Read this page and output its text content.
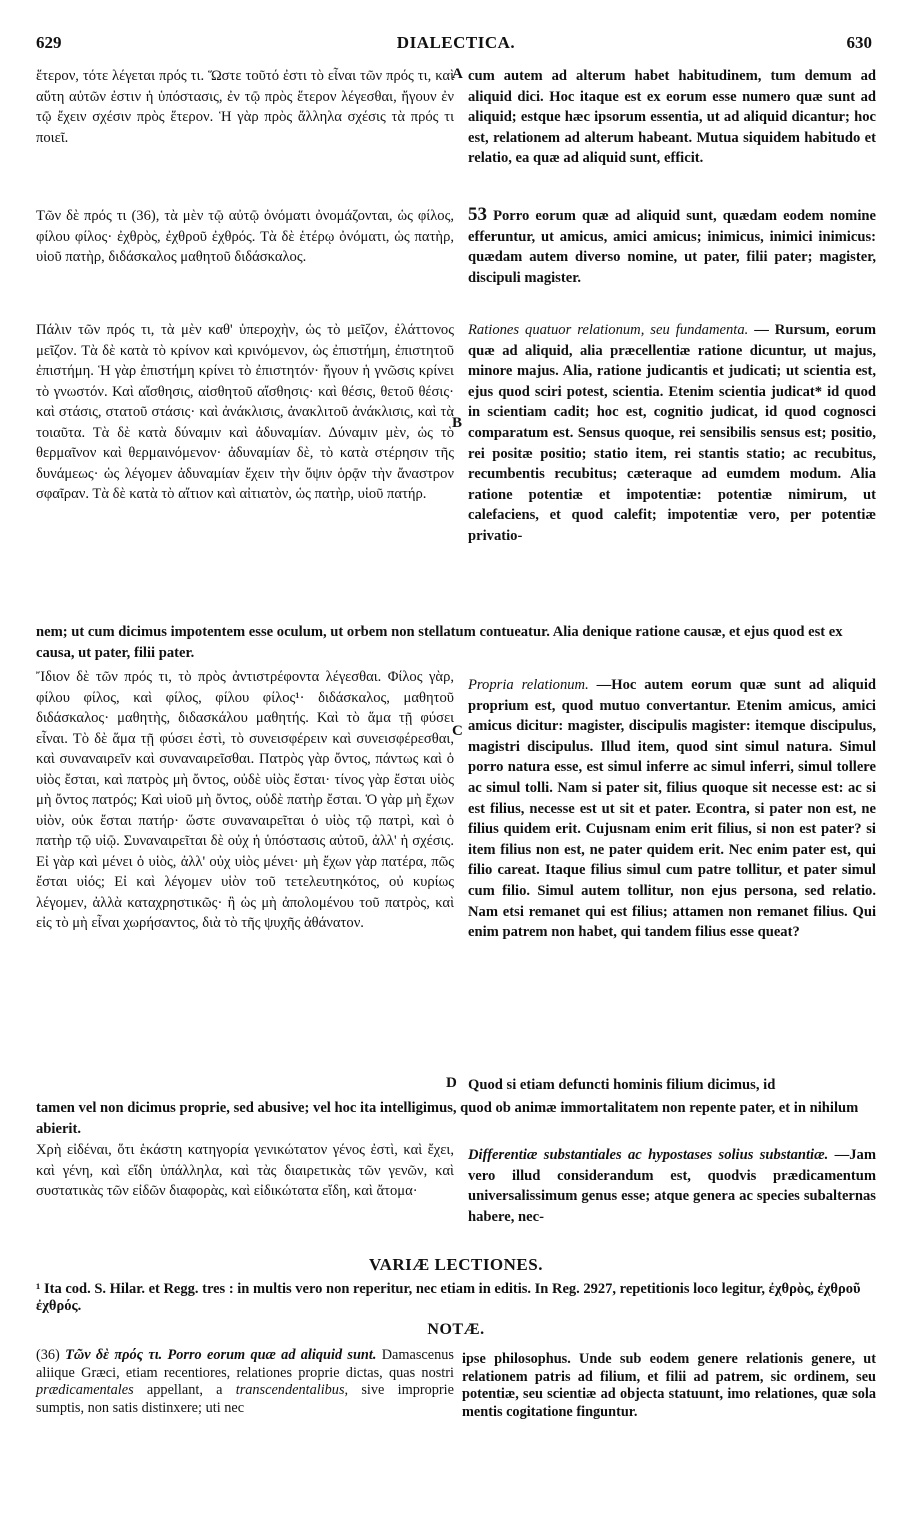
629	DIALECTICA.	630
ἕτερον, τότε λέγεται πρός τι. Ὥστε τοῦτό ἐστι τὸ εἶναι τῶν πρός τι, καὶ αὕτη αὐτῶν ἐστιν ἡ ὑπόστασις, ἐν τῷ πρὸς ἕτερον λέγεσθαι, ἤγουν ἐν τῷ ἔχειν σχέσιν πρὸς ἕτερον. Ἡ γὰρ πρὸς ἄλληλα σχέσις τὰ πρός τι ποιεῖ.
Τῶν δὲ πρός τι (36), τὰ μὲν τῷ αὐτῷ ὀνόματι ὀνομάζονται, ὡς φίλος, φίλου φίλος· ἐχθρὸς, ἐχθροῦ ἐχθρός. Τὰ δὲ ἑτέρῳ ὀνόματι, ὡς πατὴρ, υἱοῦ πατὴρ, διδάσκαλος μαθητοῦ διδάσκαλος.
Πάλιν τῶν πρός τι, τὰ μὲν καθ' ὑπεροχὴν, ὡς τὸ μεῖζον, ἐλάττονος μεῖζον. Τὰ δὲ κατὰ τὸ κρίνον καὶ κρινόμενον, ὡς ἐπιστήμη, ἐπιστητοῦ ἐπιστήμη. Ἡ γὰρ ἐπιστήμη κρίνει τὸ ἐπιστητόν· ἤγουν ἡ γνῶσις κρίνει τὸ γνωστόν. Καὶ αἴσθησις, αἰσθητοῦ αἴσθησις· καὶ θέσις, θετοῦ θέσις· καὶ στάσις, στατοῦ στάσις· καὶ ἀνάκλισις, ἀνακλιτοῦ ἀνάκλισις, καὶ τὰ τοιαῦτα. Τὰ δὲ κατὰ δύναμιν καὶ ἀδυναμίαν. Δύναμιν μὲν, ὡς τὸ θερμαῖνον καὶ θερμαινόμενον· ἀδυναμίαν δὲ, τὸ κατὰ στέρησιν τῆς δυνάμεως· ὡς λέγομεν ἀδυναμίαν ἔχειν τὴν ὄψιν ὁρᾷν τὴν ἄναστρον σφαῖραν. Τὰ δὲ κατὰ τὸ αἴτιον καὶ αἰτιατὸν, ὡς πατὴρ, υἱοῦ πατήρ.
cum autem ad alterum habet habitudinem, tum demum ad aliquid dici. Hoc itaque est ex eorum esse numero quæ sunt ad aliquid; estque hæc ipsorum essentia, ut ad aliquid dicantur; hoc est, relationem ad alterum habeant. Mutua siquidem habitudo et relatio, ea quæ ad aliquid sunt, efficit.
53 Porro eorum quæ ad aliquid sunt, quædam eodem nomine efferuntur, ut amicus, amici amicus; inimicus, inimici inimicus: quædam autem diverso nomine, ut pater, filii pater; magister, discipuli magister.
Rationes quatuor relationum, seu fundamenta. — Rursum, eorum quæ ad aliquid, alia præcellentiæ ratione dicuntur, ut majus, minore majus. Alia, ratione judicantis et judicati; ut scientia est, ejus quod sciri potest, scientia. Etenim scientia judicat* id quod in scientiam cadit; hoc est, cognitio judicat, id quod cognosci comparatum est. Sensus quoque, rei sensibilis sensus est; positio, rei positæ positio; statio item, rei stantis statio; ac recubitus, recumbentis recubitus; cæteraque ad eumdem modum. Alia ratione potentiæ et impotentiæ: potentiæ nimirum, ut calefaciens, et quod calefit; impotentiæ vero, per potentiæ privatio-
A
B
nem; ut cum dicimus impotentem esse oculum, ut orbem non stellatum contueatur. Alia denique ratione causæ, et ejus quod est ex causa, ut pater, filii pater.
Ἴδιον δὲ τῶν πρός τι, τὸ πρὸς ἀντιστρέφοντα λέγεσθαι. Φίλος γὰρ, φίλου φίλος, καὶ φίλος, φίλου φίλος¹· διδάσκαλος, μαθητοῦ διδάσκαλος· μαθητὴς, διδασκάλου μαθητής. Καὶ τὸ ἅμα τῇ φύσει εἶναι. Τὸ δὲ ἅμα τῇ φύσει ἐστὶ, τὸ συνεισφέρειν καὶ συνεισφέρεσθαι, καὶ συναναιρεῖν καὶ συναναιρεῖσθαι. Πατρὸς γὰρ ὄντος, πάντως καὶ ὁ υἱὸς ἔσται, καὶ πατρὸς μὴ ὄντος, οὐδὲ υἱὸς ἔσται· τίνος γὰρ ἔσται υἱὸς μὴ ὄντος πατρός; Καὶ υἱοῦ μὴ ὄντος, οὐδὲ πατὴρ ἔσται. Ὁ γὰρ μὴ ἔχων υἱὸν, οὐκ ἔσται πατήρ· ὥστε συναναιρεῖται ὁ υἱὸς τῷ πατρὶ, καὶ ὁ πατὴρ τῷ υἱῷ. Συναναιρεῖται δὲ οὐχ ἡ ὑπόστασις αὐτοῦ, ἀλλ' ἡ σχέσις. Εἰ γὰρ καὶ μένει ὁ υἱὸς, ἀλλ' οὐχ υἱὸς μένει· μὴ ἔχων γὰρ πατέρα, πῶς ἔσται υἱός; Εἰ καὶ λέγομεν υἱὸν τοῦ τετελευτηκότος, οὐ κυρίως λέγομεν, ἀλλὰ καταχρηστικῶς· ἢ ὡς μὴ ἀπολομένου τοῦ πατρὸς, καὶ εἰς τὸ μὴ εἶναι χωρήσαντος, διὰ τὸ τῆς ψυχῆς ἀθάνατον.
Propria relationum. —Hoc autem eorum quæ sunt ad aliquid proprium est, quod mutuo convertantur. Etenim amicus, amici amicus dicitur: magister, discipulis magister: itemque discipulus, magistri discipulus. Illud item, quod sint simul natura. Simul porro natura esse, est simul inferre ac simul inferri, simul tollere ac simul tolli. Nam si pater sit, filius quoque sit necesse est: ac si est filius, necesse est ut sit et pater. Econtra, si pater non est, ne filius quidem erit. Cujusnam enim erit filius, si non est pater? si item filius non est, ne pater quidem erit. Nec enim pater est, qui filio careat. Itaque filius simul cum patre tollitur, et pater simul cum filio. Simul autem tollitur, non ejus persona, sed relatio. Nam etsi remanet qui est filius; attamen non remanet filius. Qui enim patrem non habet, qui tandem filius esse queat?
Quod si etiam defuncti hominis filium dicimus, id
C
D
tamen vel non dicimus proprie, sed abusive; vel hoc ita intelligimus, quod ob animæ immortalitatem non repente pater, et in nihilum abierit.
Χρὴ εἰδέναι, ὅτι ἑκάστη κατηγορία γενικώτατον γένος ἐστὶ, καὶ ἔχει, καὶ γένη, καὶ εἴδη ὑπάλληλα, καὶ τὰς διαιρετικὰς τῶν γενῶν, καὶ συστατικὰς τῶν εἰδῶν διαφορὰς, καὶ εἰδικώτατα εἴδη, καὶ ἄτομα·
Differentiæ substantiales ac hypostases solius substantiæ. —Jam vero illud considerandum est, quodvis prædicamentum universalissimum genus esse; atque genera ac species subalternas habere, nec-
VARIÆ LECTIONES.
¹ Ita cod. S. Hilar. et Regg. tres : in multis vero non reperitur, nec etiam in editis. In Reg. 2927, repetitionis loco legitur, ἐχθρὸς, ἐχθροῦ ἐχθρός.
NOTÆ.
(36) Τῶν δὲ πρός τι. Porro eorum quæ ad aliquid sunt. Damascenus aliique Græci, etiam recentiores, relationes proprie dictas, quas nostri prædicamentales appellant, a transcendentalibus, sive improprie sumptis, non satis distinxere; uti nec
ipse philosophus. Unde sub eodem genere relationis genere, ut relationem patris ad filium, et filii ad patrem, sic ordinem, seu potentiæ, seu scientiæ ad objecta statuunt, imo relationes, quæ sola mentis cogitatione finguntur.
